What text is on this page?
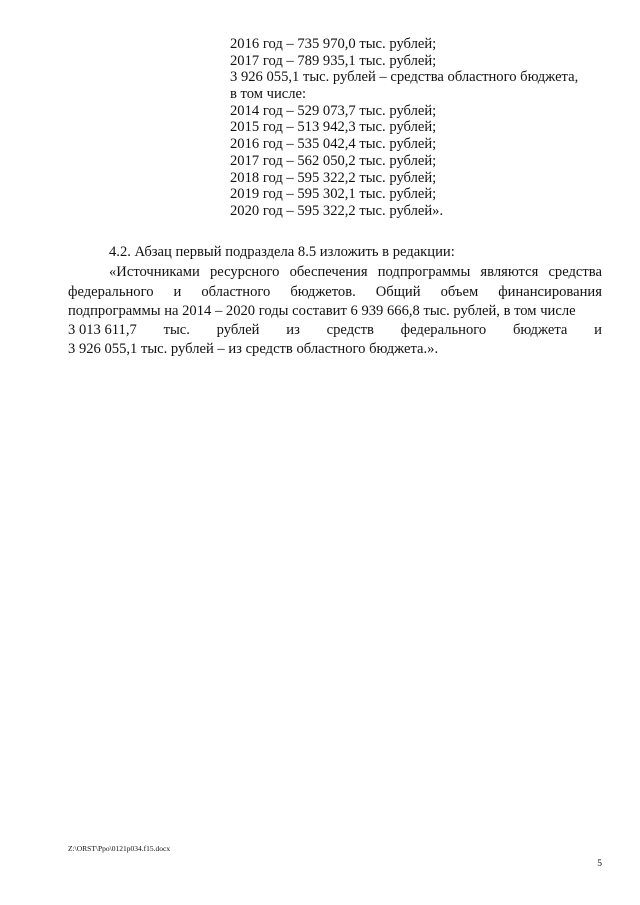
2016 год – 735 970,0 тыс. рублей;
2017 год – 789 935,1 тыс. рублей;
3 926 055,1 тыс. рублей – средства областного бюджета,
в том числе:
2014 год – 529 073,7 тыс. рублей;
2015 год – 513 942,3 тыс. рублей;
2016 год – 535 042,4 тыс. рублей;
2017 год – 562 050,2 тыс. рублей;
2018 год – 595 322,2 тыс. рублей;
2019 год – 595 302,1 тыс. рублей;
2020 год – 595 322,2 тыс. рублей».
4.2. Абзац первый подраздела 8.5 изложить в редакции:
«Источниками ресурсного обеспечения подпрограммы являются средства
федерального и областного бюджетов. Общий объем финансирования
подпрограммы на 2014 – 2020 годы составит 6 939 666,8 тыс. рублей, в том числе
3 013 611,7 тыс. рублей из средств федерального бюджета и
3 926 055,1 тыс. рублей – из средств областного бюджета.».
Z:\ORST\Ppo\0121p034.f15.docx
5
